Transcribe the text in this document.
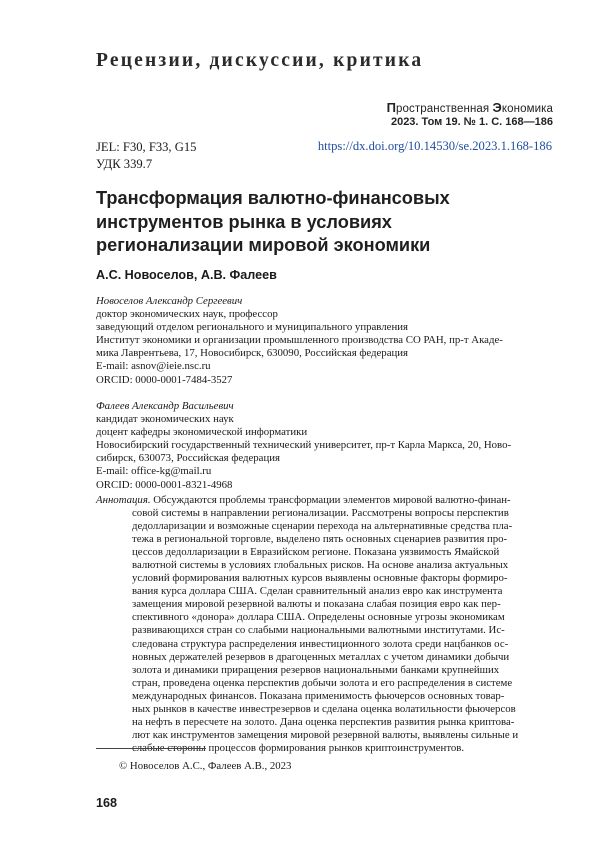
Рецензии, дискуссии, критика
Пространственная Экономика
2023. Том 19. № 1. С. 168—186
JEL: F30, F33, G15
УДК 339.7
https://dx.doi.org/10.14530/se.2023.1.168-186
Трансформация валютно-финансовых
инструментов рынка в условиях
регионализации мировой экономики
А.С. Новоселов, А.В. Фалеев
Новоселов Александр Сергеевич
доктор экономических наук, профессор
заведующий отделом регионального и муниципального управления
Институт экономики и организации промышленного производства СО РАН, пр-т Акаде-
мика Лаврентьева, 17, Новосибирск, 630090, Российская федерация
E-mail: asnov@ieie.nsc.ru
ORCID: 0000-0001-7484-3527
Фалеев Александр Васильевич
кандидат экономических наук
доцент кафедры экономической информатики
Новосибирский государственный технический университет, пр-т Карла Маркса, 20, Ново-
сибирск, 630073, Российская федерация
E-mail: office-kg@mail.ru
ORCID: 0000-0001-8321-4968
Аннотация. Обсуждаются проблемы трансформации элементов мировой валютно-финан-
совой системы в направлении регионализации. Рассмотрены вопросы перспектив
дедолларизации и возможные сценарии перехода на альтернативные средства пла-
тежа в региональной торговле, выделено пять основных сценариев развития про-
цессов дедолларизации в Евразийском регионе. Показана уязвимость Ямайской
валютной системы в условиях глобальных рисков. На основе анализа актуальных
условий формирования валютных курсов выявлены основные факторы формиро-
вания курса доллара США. Сделан сравнительный анализ евро как инструмента
замещения мировой резервной валюты и показана слабая позиция евро как пер-
спективного «донора» доллара США. Определены основные угрозы экономикам
развивающихся стран со слабыми национальными валютными институтами. Ис-
следована структура распределения инвестиционного золота среди нацбанков ос-
новных держателей резервов в драгоценных металлах с учетом динамики добычи
золота и динамики приращения резервов национальными банками крупнейших
стран, проведена оценка перспектив добычи золота и его распределения в системе
международных финансов. Показана применимость фьючерсов основных товар-
ных рынков в качестве инвестрезервов и сделана оценка волатильности фьючерсов
на нефть в пересчете на золото. Дана оценка перспектив развития рынка криптова-
лют как инструментов замещения мировой резервной валюты, выявлены сильные и
слабые стороны процессов формирования рынков криптоинструментов.
© Новоселов А.С., Фалеев А.В., 2023
168
